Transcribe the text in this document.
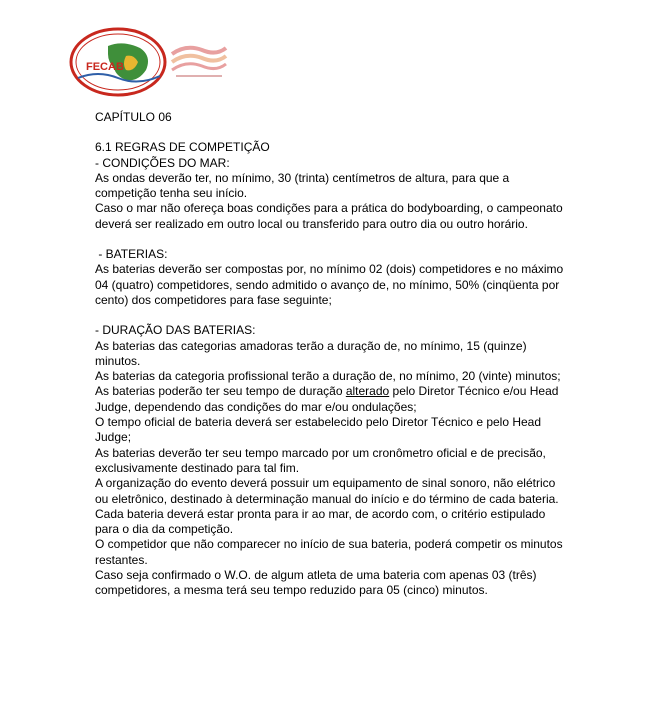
FECAB

CAPÍTULO 06

6.1 REGRAS DE COMPETIÇÃO

- CONDIÇÕES DO MAR:

As ondas deverão ter, no mínimo, 30 (trinta) centímetros de altura, para que a

competição tenha seu início.

Caso o mar não ofereça boas condições para a prática do bodyboarding, o campeonato

deverá ser realizado em outro local ou transferido para outro dia ou outro horário.

- BATERIAS:

As baterias deverão ser compostas por, no mínimo 02 (dois) competidores e no máximo

04 (quatro) competidores, sendo admitido o avanço de, no mínimo, 50% (cinqüenta por

cento) dos competidores para fase seguinte;

- DURAÇÃO DAS BATERIAS:

As baterias das categorias amadoras terão a duração de, no mínimo, 15 (quinze)

minutos.

As baterias da categoria profissional terão a duração de, no mínimo, 20 (vinte) minutos;

As baterias poderão ter seu tempo de duração alterado pelo Diretor Técnico e/ou Head

Judge, dependendo das condições do mar e/ou ondulações;

O tempo oficial de bateria deverá ser estabelecido pelo Diretor Técnico e pelo Head

Judge;

As baterias deverão ter seu tempo marcado por um cronômetro oficial e de precisão,

exclusivamente destinado para tal fim.

A organização do evento deverá possuir um equipamento de sinal sonoro, não elétrico

ou eletrônico, destinado à determinação manual do início e do término de cada bateria.

Cada bateria deverá estar pronta para ir ao mar, de acordo com, o critério estipulado

para o dia da competição.

O competidor que não comparecer no início de sua bateria, poderá competir os minutos

restantes.

Caso seja confirmado o W.O. de algum atleta de uma bateria com apenas 03 (três)

competidores, a mesma terá seu tempo reduzido para 05 (cinco) minutos.
